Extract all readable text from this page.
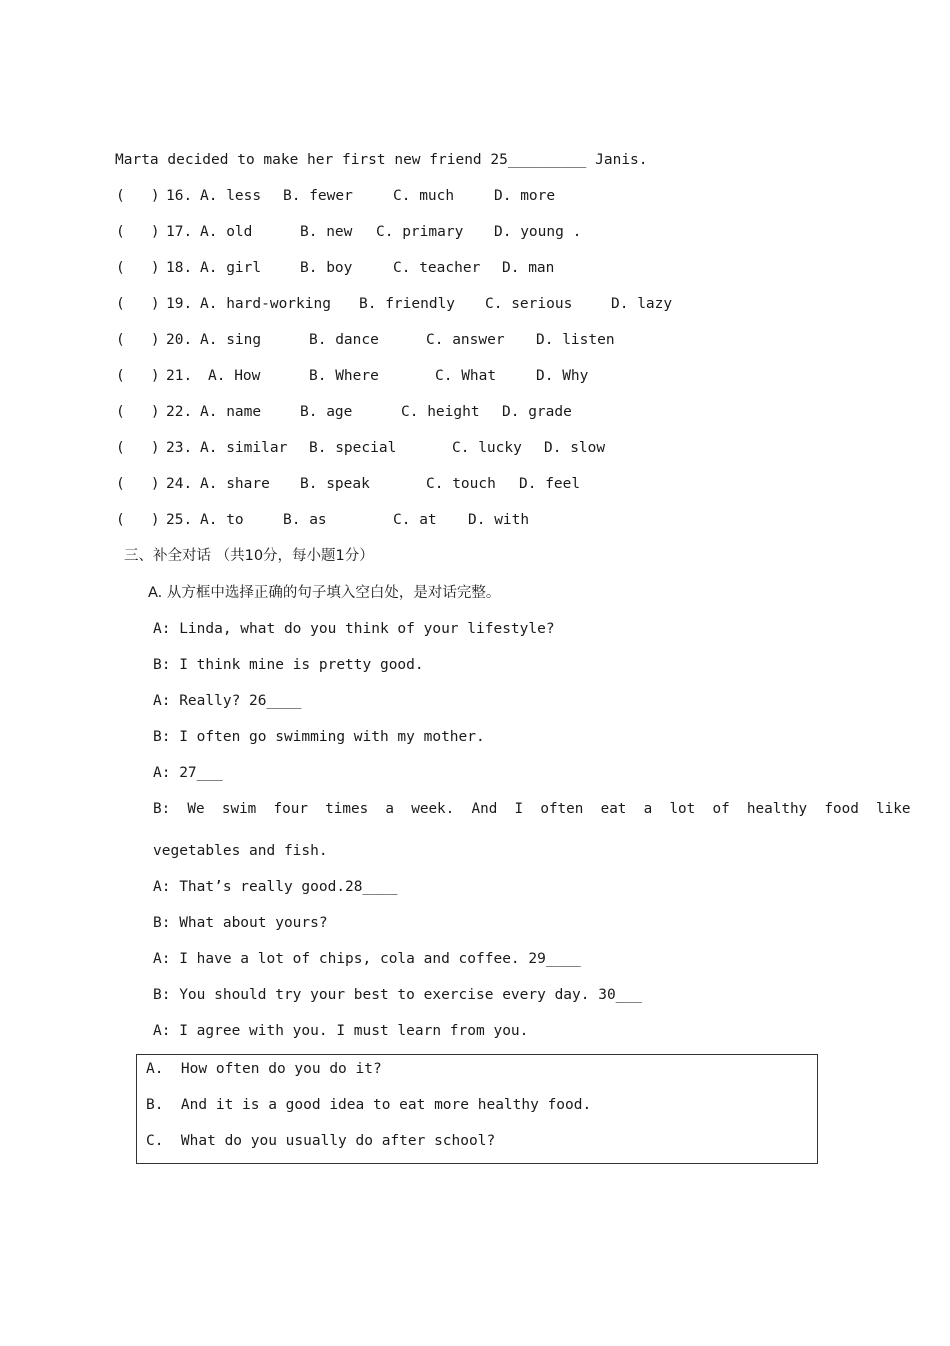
Marta decided to make her first new friend 25_________ Janis.

(   )

16.

A. less

B. fewer

	C. much

	D. more

(   )

17.

A. old

	B. new

C. primary

D. young .

(   )

18.

A. girl

	B. boy

	C. teacher

D. man

(   )

19.

A. hard-working

B. friendly

C. serious

	D. lazy

(   )

20.

A. sing

	B. dance

	C. answer

D. listen

(   )

21.

A. How

	B. Where

	C. What

	D. Why

(   )

22.

A. name

	B. age

	C. height

D. grade

(   )

23.

A. similar

B. special

	C. lucky

D. slow

(   )

24.

A. share

B. speak

	C. touch

D. feel

(   )

25.

A. to

	B. as

	C. at

D. with

三、补全对话 （共10分，每小题1分）
A. 从方框中选择正确的句子填入空白处，是对话完整。
A: Linda, what do you think of your lifestyle?
B: I think mine is pretty good.
A: Really? 26____
B: I often go swimming with my mother.
A: 27___
B:  We  swim  four  times  a  week.  And  I  often  eat  a  lot  of  healthy  food  like
vegetables and fish.
A: That’s really good.28____
B: What about yours?
A: I have a lot of chips, cola and coffee. 29____
B: You should try your best to exercise every day. 30___
A: I agree with you. I must learn from you.
A.  How often do you do it?
B.  And it is a good idea to eat more healthy food.
C.  What do you usually do after school?
